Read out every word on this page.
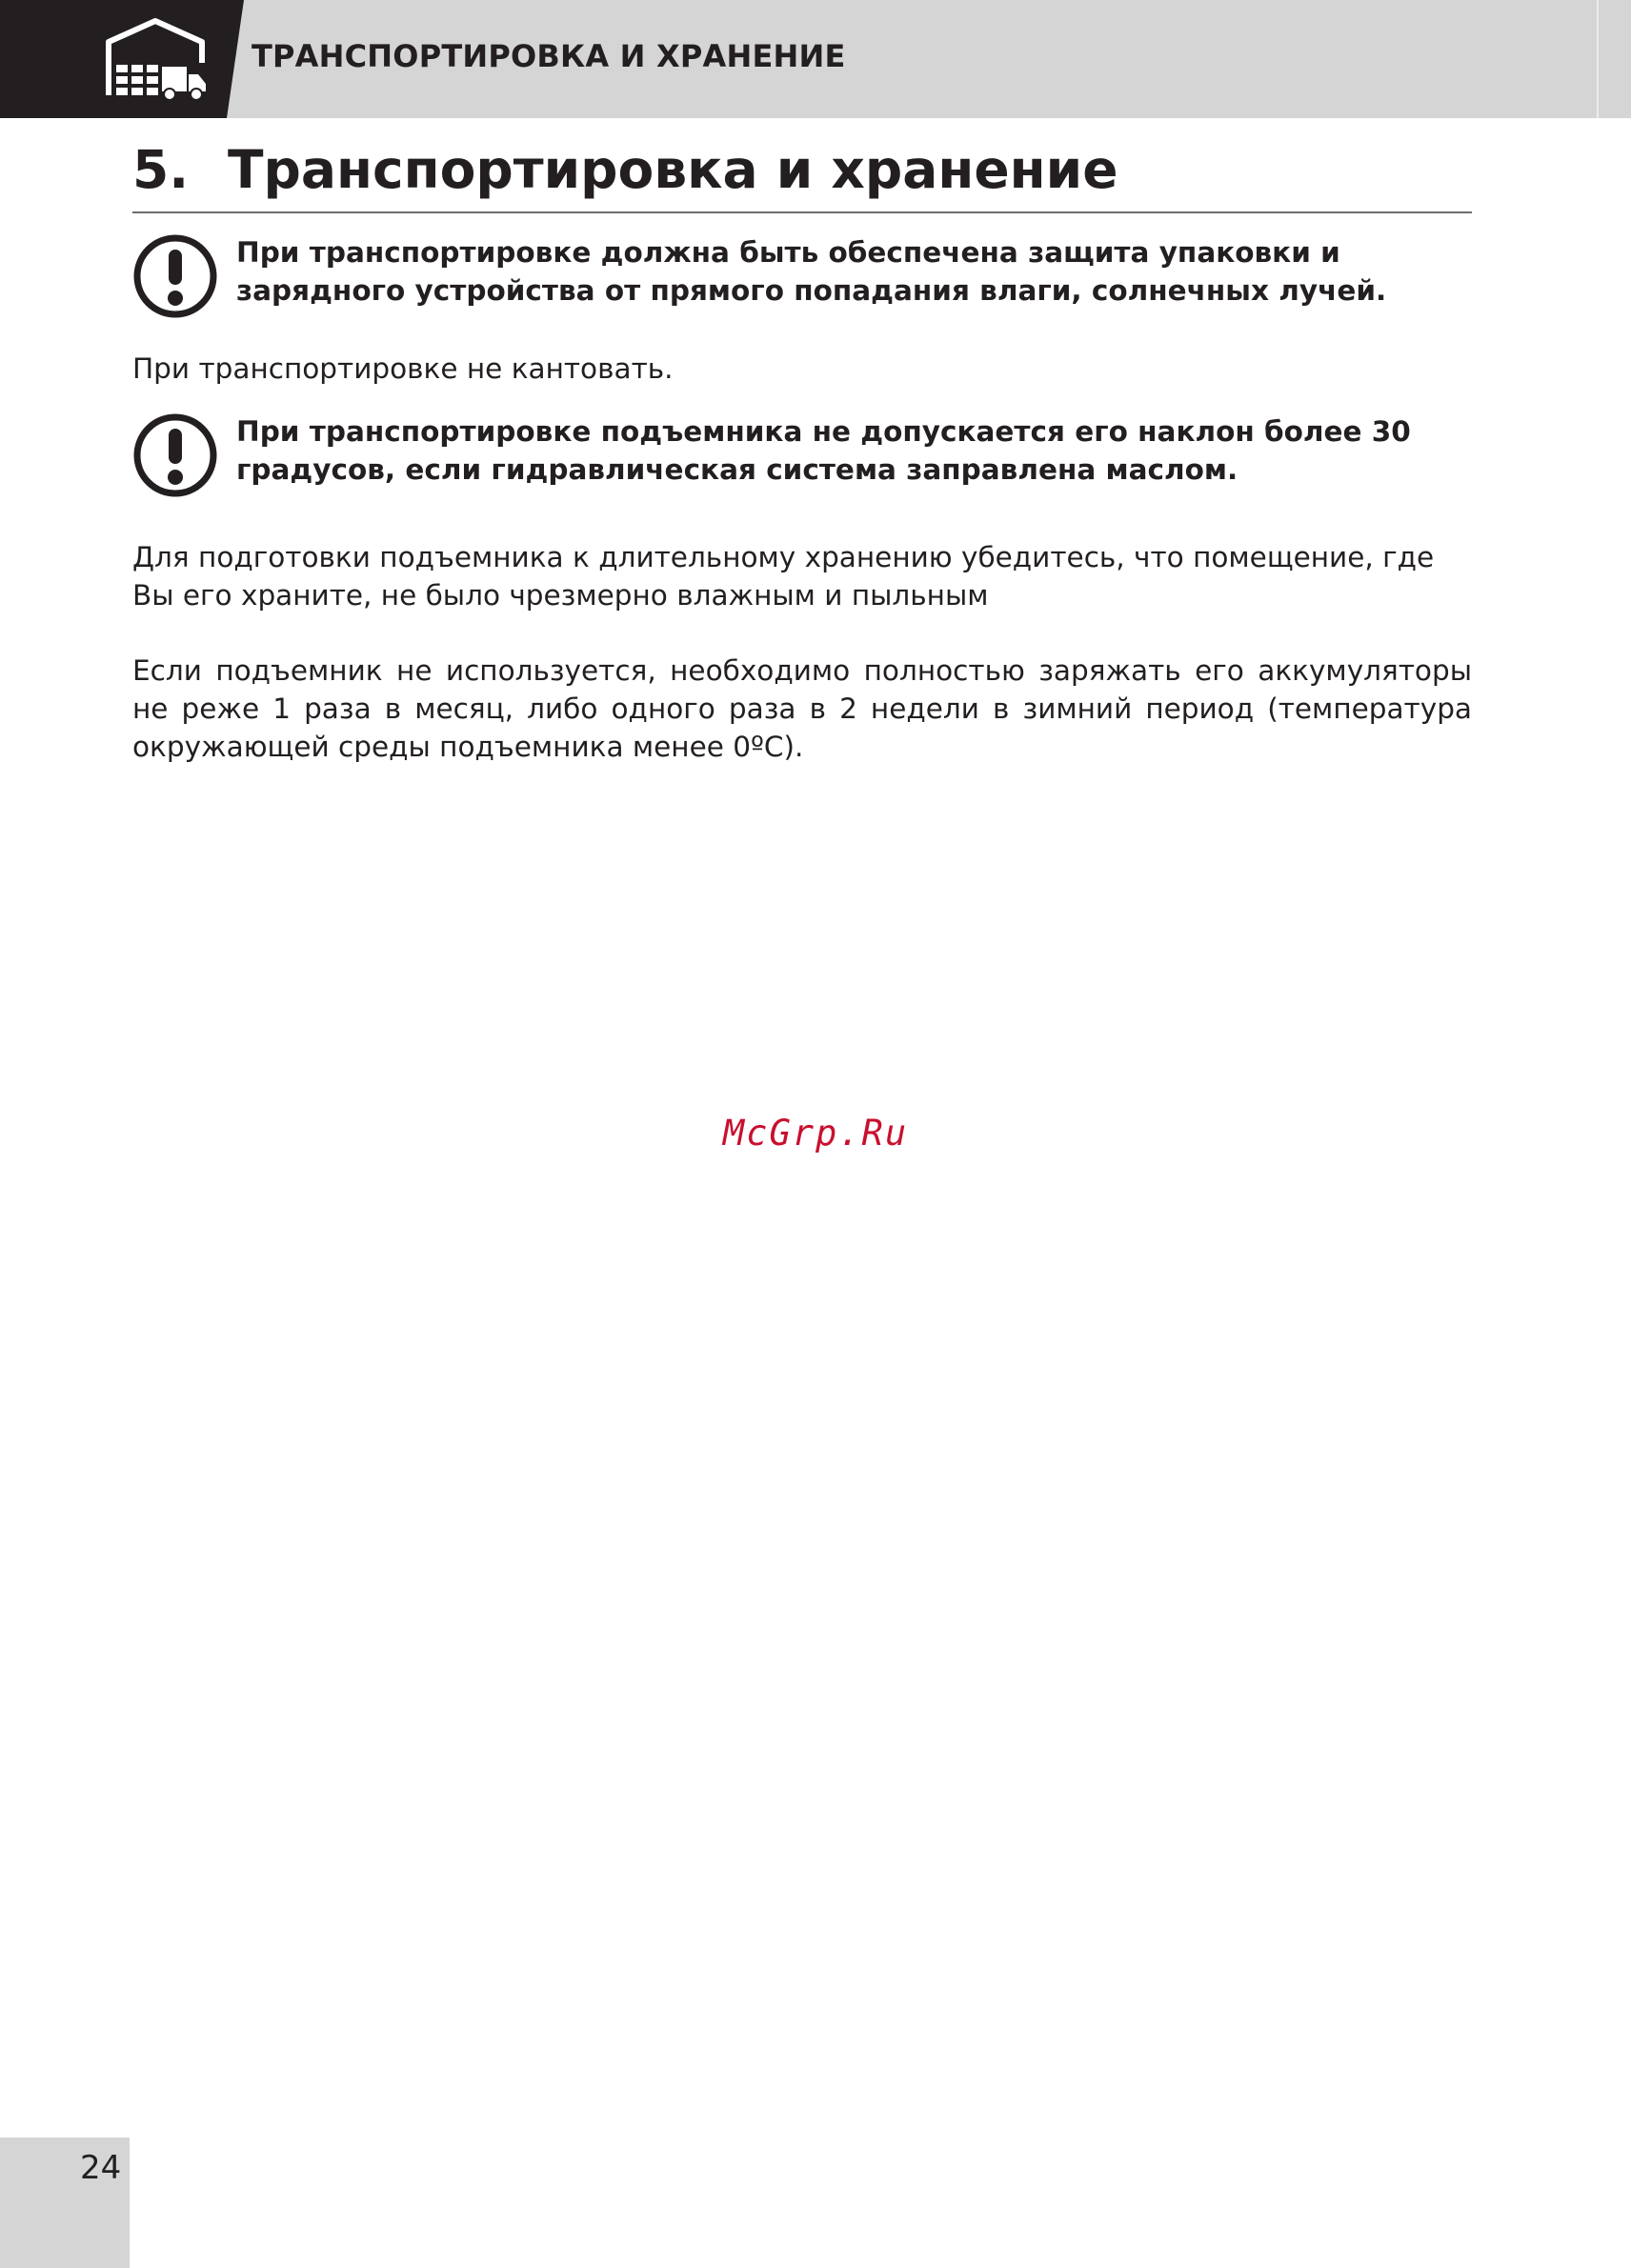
ТРАНСПОРТИРОВКА И ХРАНЕНИЕ
5. Транспортировка и хранение
При транспортировке должна быть обеспечена защита упаковки и зарядного устройства от прямого попадания влаги, солнечных лучей.
При транспортировке не кантовать.
При транспортировке подъемника не допускается его наклон более 30 градусов, если гидравлическая система заправлена маслом.
Для подготовки подъемника к длительному хранению убедитесь, что помещение, где Вы его храните, не было чрезмерно влажным и пыльным
Если подъемник не используется, необходимо полностью заряжать его аккумуляторы не реже 1 раза в месяц, либо одного раза в 2 недели в зимний период (температура окружающей среды подъемника менее 0ºC).
McGrp.Ru
24
